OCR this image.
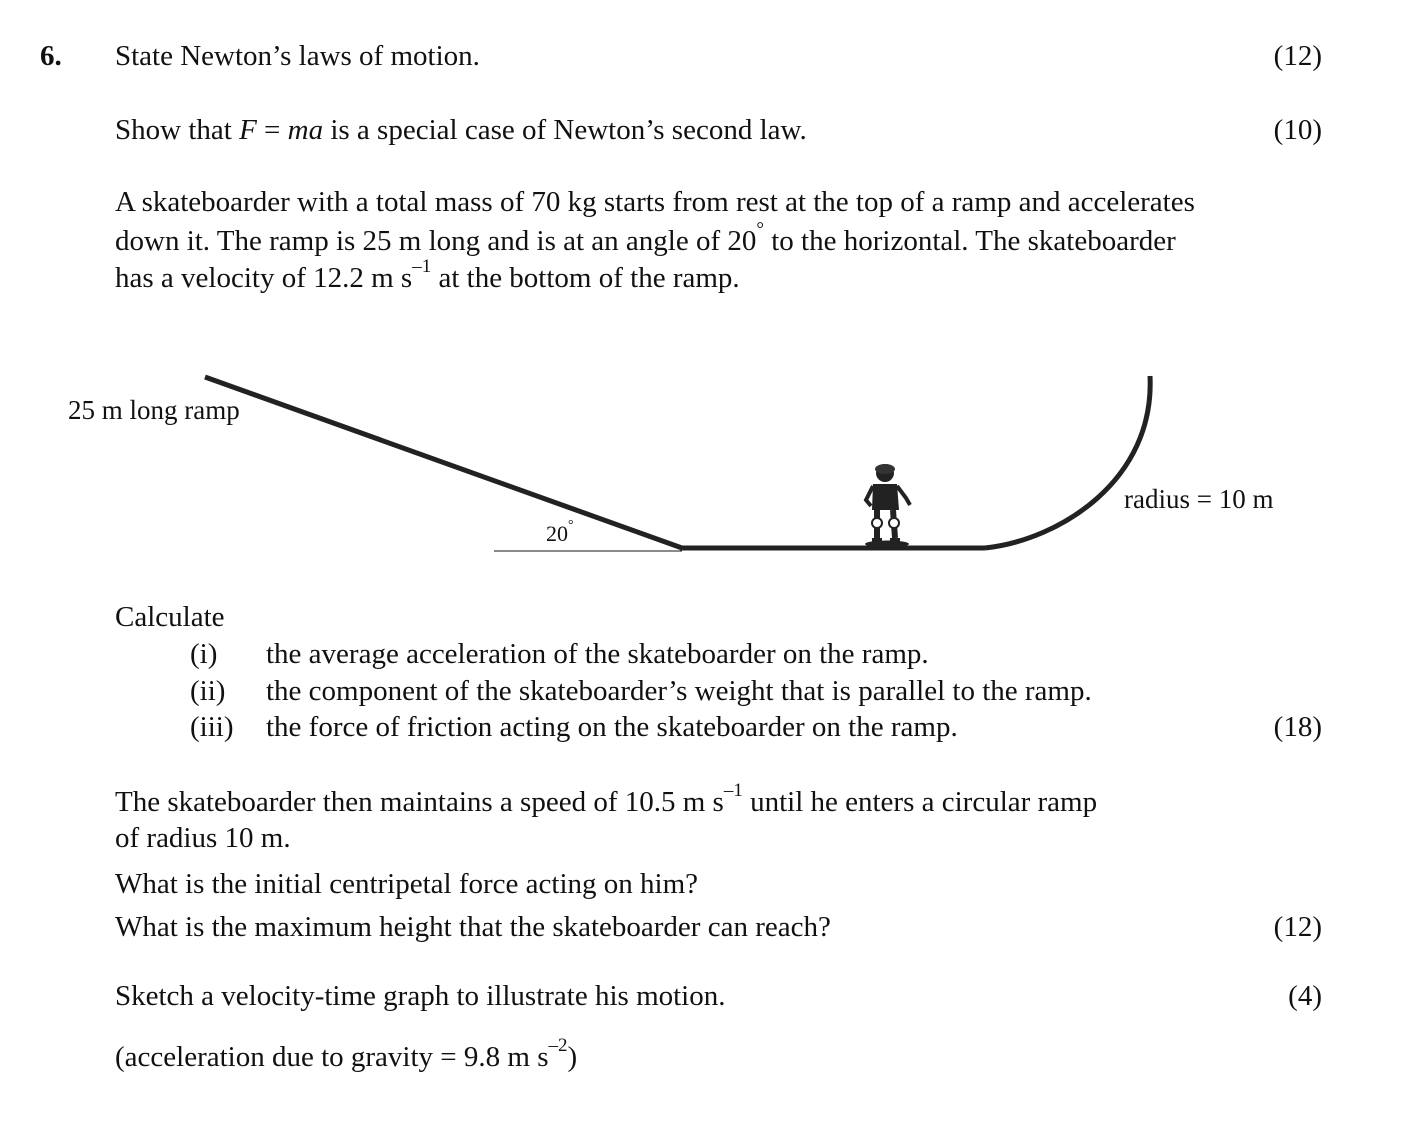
6. State Newton’s laws of motion.	(12)
Show that F = ma is a special case of Newton’s second law.	(10)
A skateboarder with a total mass of 70 kg starts from rest at the top of a ramp and accelerates
down it. The ramp is 25 m long and is at an angle of 20° to the horizontal. The skateboarder
has a velocity of 12.2 m $s^{-1}$ at the bottom of the ramp.
25 m long ramp
20°
radius = 10 m
Calculate
(i) the average acceleration of the skateboarder on the ramp.
(ii) the component of the skateboarder’s weight that is parallel to the ramp.
(iii) the force of friction acting on the skateboarder on the ramp.	(18)
The skateboarder then maintains a speed of 10.5 m $s^{-1}$ until he enters a circular ramp
of radius 10 m.
What is the initial centripetal force acting on him?
What is the maximum height that the skateboarder can reach?	(12)
Sketch a velocity-time graph to illustrate his motion.	(4)
(acceleration due to gravity = 9.8 m $s^{-2}$)
